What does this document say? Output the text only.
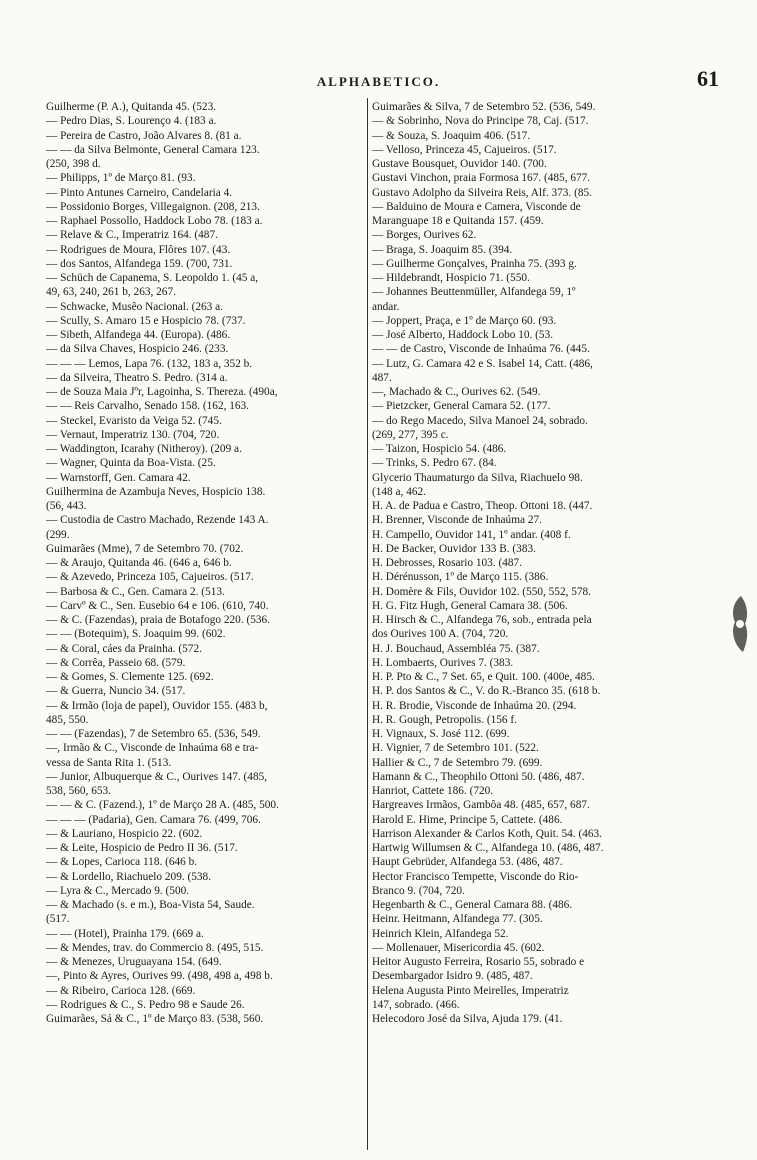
ALPHABETICO.	61
Guilherme (P. A.), Quitanda 45. (523.
— Pedro Dias, S. Lourenço 4. (183 a.
— Pereira de Castro, João Alvares 8. (81 a.
— — da Silva Belmonte, General Camara 123.
(250, 398 d.
— Philipps, 1º de Março 81. (93.
— Pinto Antunes Carneiro, Candelaria 4.
— Possidonio Borges, Villegaignon. (208, 213.
— Raphael Possollo, Haddock Lobo 78. (183 a.
— Relave & C., Imperatriz 164. (487.
— Rodrigues de Moura, Flôres 107. (43.
— dos Santos, Alfandega 159. (700, 731.
— Schüch de Capanema, S. Leopoldo 1. (45 a,
49, 63, 240, 261 b, 263, 267.
— Schwacke, Musêo Nacional. (263 a.
— Scully, S. Amaro 15 e Hospicio 78. (737.
— Sibeth, Alfandega 44. (Europa). (486.
— da Silva Chaves, Hospicio 246. (233.
— — — Lemos, Lapa 76. (132, 183 a, 352 b.
— da Silveira, Theatro S. Pedro. (314 a.
— de Souza Maia Jºr, Lagoinha, S. Thereza. (490a,
— — Reis Carvalho, Senado 158. (162, 163.
— Steckel, Evaristo da Veiga 52. (745.
— Vernaut, Imperatriz 130. (704, 720.
— Waddington, Icarahy (Nitheroy). (209 a.
— Wagner, Quinta da Boa-Vista. (25.
— Warnstorff, Gen. Camara 42.
Guilhermina de Azambuja Neves, Hospicio 138.
(56, 443.
— Custodia de Castro Machado, Rezende 143 A.
(299.
Guimarães (Mme), 7 de Setembro 70. (702.
— & Araujo, Quitanda 46. (646 a, 646 b.
— & Azevedo, Princeza 105, Cajueiros. (517.
— Barbosa & C., Gen. Camara 2. (513.
— Carvº & C., Sen. Eusebio 64 e 106. (610, 740.
— & C. (Fazendas), praia de Botafogo 220. (536.
— — (Botequim), S. Joaquim 99. (602.
— & Coral, cáes da Prainha. (572.
— & Corrêa, Passeio 68. (579.
— & Gomes, S. Clemente 125. (692.
— & Guerra, Nuncio 34. (517.
— & Irmão (loja de papel), Ouvidor 155. (483 b,
485, 550.
— — (Fazendas), 7 de Setembro 65. (536, 549.
—, Irmão & C., Visconde de Inhaúma 68 e tra-
vessa de Santa Rita 1. (513.
— Junior, Albuquerque & C., Ourives 147. (485,
538, 560, 653.
— — & C. (Fazend.), 1º de Março 28 A. (485, 500.
— — — (Padaria), Gen. Camara 76. (499, 706.
— & Lauriano, Hospicio 22. (602.
— & Leite, Hospicio de Pedro II 36. (517.
— & Lopes, Carioca 118. (646 b.
— & Lordello, Riachuelo 209. (538.
— Lyra & C., Mercado 9. (500.
— & Machado (s. e m.), Boa-Vista 54, Saude.
(517.
— — (Hotel), Prainha 179. (669 a.
— & Mendes, trav. do Commercio 8. (495, 515.
— & Menezes, Uruguayana 154. (649.
—, Pinto & Ayres, Ourives 99. (498, 498 a, 498 b.
— & Ribeiro, Carioca 128. (669.
— Rodrigues & C., S. Pedro 98 e Saude 26.
Guimarães, Sá & C., 1º de Março 83. (538, 560.
Guimarães & Silva, 7 de Setembro 52. (536, 549.
— & Sobrinho, Nova do Principe 78, Caj. (517.
— & Souza, S. Joaquim 406. (517.
— Velloso, Princeza 45, Cajueiros. (517.
Gustave Bousquet, Ouvidor 140. (700.
Gustavi Vinchon, praia Formosa 167. (485, 677.
Gustavo Adolpho da Silveira Reis, Alf. 373. (85.
— Balduino de Moura e Camera, Visconde de
Maranguape 18 e Quitanda 157. (459.
— Borges, Ourives 62.
— Braga, S. Joaquim 85. (394.
— Guilherme Gonçalves, Prainha 75. (393 g.
— Hildebrandt, Hospicio 71. (550.
— Johannes Beuttenmüller, Alfandega 59, 1º
andar.
— Joppert, Praça, e 1º de Março 60. (93.
— José Alberto, Haddock Lobo 10. (53.
— — de Castro, Visconde de Inhaúma 76. (445.
— Lutz, G. Camara 42 e S. Isabel 14, Catt. (486,
487.
—, Machado & C., Ourives 62. (549.
— Pietzcker, General Camara 52. (177.
— do Rego Macedo, Silva Manoel 24, sobrado.
(269, 277, 395 c.
— Taizon, Hospicio 54. (486.
— Trinks, S. Pedro 67. (84.
Glycerio Thaumaturgo da Silva, Riachuelo 98.
(148 a, 462.
H. A. de Padua e Castro, Theop. Ottoni 18. (447.
H. Brenner, Visconde de Inhaúma 27.
H. Campello, Ouvidor 141, 1º andar. (408 f.
H. De Backer, Ouvidor 133 B. (383.
H. Debrosses, Rosario 103. (487.
H. Dérénusson, 1º de Março 115. (386.
H. Domère & Fils, Ouvidor 102. (550, 552, 578.
H. G. Fitz Hugh, General Camara 38. (506.
H. Hirsch & C., Alfandega 76, sob., entrada pela
dos Ourives 100 A. (704, 720.
H. J. Bouchaud, Assembléa 75. (387.
H. Lombaerts, Ourives 7. (383.
H. P. Pto & C., 7 Set. 65, e Quit. 100. (400e, 485.
H. P. dos Santos & C., V. do R.-Branco 35. (618 b.
H. R. Brodie, Visconde de Inhaúma 20. (294.
H. R. Gough, Petropolis. (156 f.
H. Vignaux, S. José 112. (699.
H. Vignier, 7 de Setembro 101. (522.
Hallier & C., 7 de Setembro 79. (699.
Hamann & C., Theophilo Ottoni 50. (486, 487.
Hanriot, Cattete 186. (720.
Hargreaves Irmãos, Gambôa 48. (485, 657, 687.
Harold E. Hime, Principe 5, Cattete. (486.
Harrison Alexander & Carlos Koth, Quit. 54. (463.
Hartwig Willumsen & C., Alfandega 10. (486, 487.
Haupt Gebrüder, Alfandega 53. (486, 487.
Hector Francisco Tempette, Visconde do Rio-
Branco 9. (704, 720.
Hegenbarth & C., General Camara 88. (486.
Heinr. Heitmann, Alfandega 77. (305.
Heinrich Klein, Alfandega 52.
— Mollenauer, Misericordia 45. (602.
Heitor Augusto Ferreira, Rosario 55, sobrado e
Desembargador Isidro 9. (485, 487.
Helena Augusta Pinto Meirelles, Imperatriz
147, sobrado. (466.
Helecodoro José da Silva, Ajuda 179. (41.
